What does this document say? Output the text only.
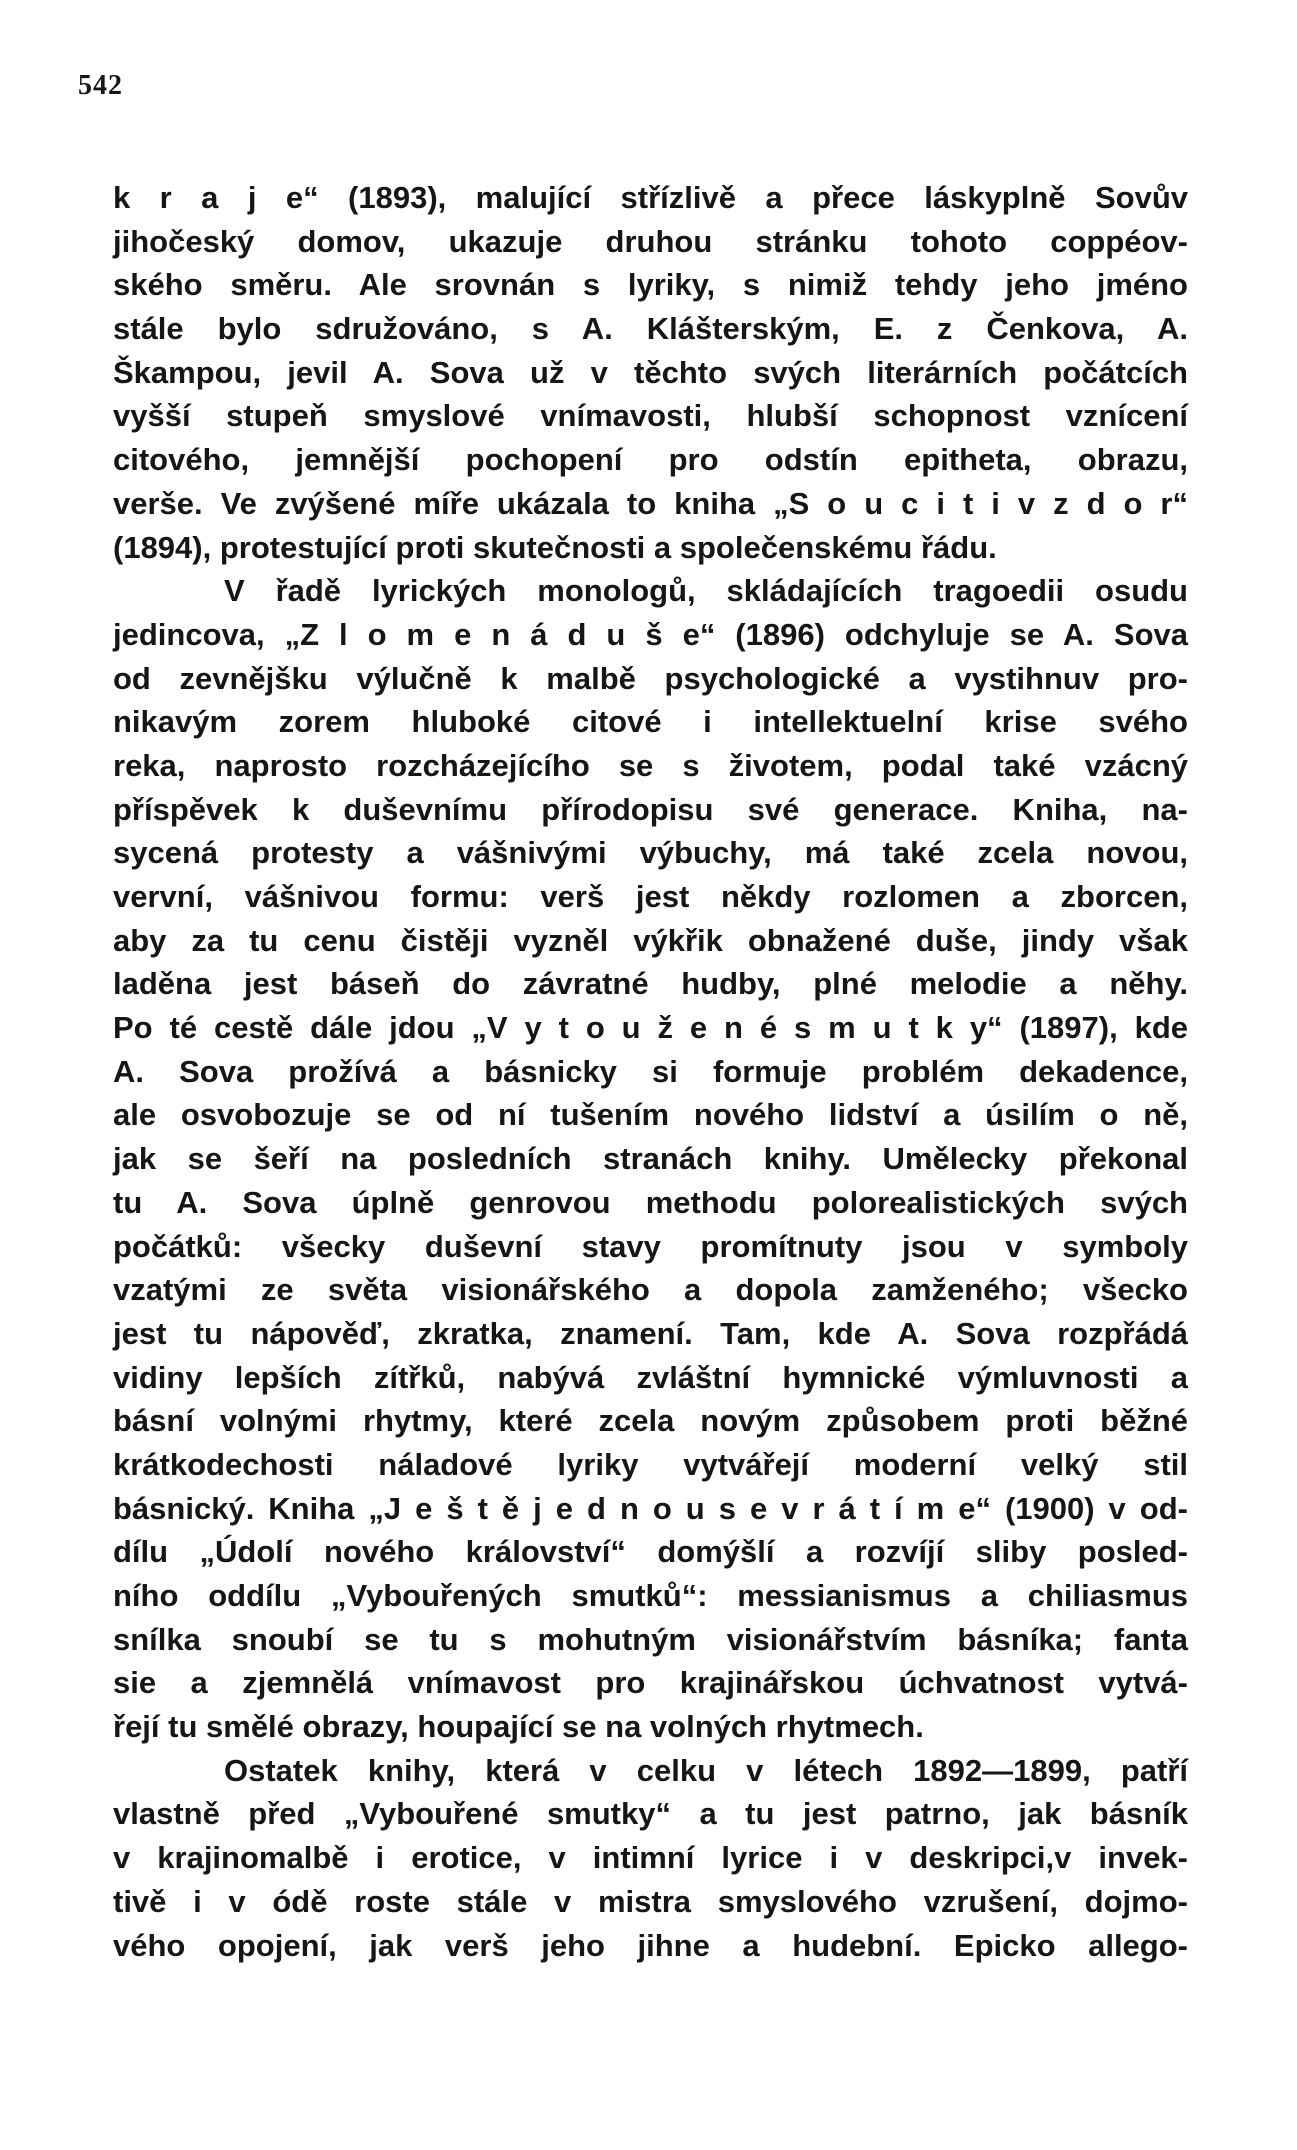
542
k r a j e“ (1893), malující střízlivě a přece láskyplně Sovův
jihočeský domov, ukazuje druhou stránku tohoto coppéov-
ského směru. Ale srovnán s lyriky, s nimiž tehdy jeho jméno
stále bylo sdružováno, s A. Klášterským, E. z Čenkova, A.
Škampou, jevil A. Sova už v těchto svých literárních počátcích
vyšší stupeň smyslové vnímavosti, hlubší schopnost vznícení
citového, jemnější pochopení pro odstín epitheta, obrazu,
verše. Ve zvýšené míře ukázala to kniha „S o u c i t i v z d o r“
(1894), protestující proti skutečnosti a společenskému řádu.
V řadě lyrických monologů, skládajících tragoedii osudu
jedincova, „Z l o m e n á d u š e“ (1896) odchyluje se A. Sova
od zevnějšku výlučně k malbě psychologické a vystihnuv pro-
nikavým zorem hluboké citové i intellektuelní krise svého
reka, naprosto rozcházejícího se s životem, podal také vzácný
příspěvek k duševnímu přírodopisu své generace. Kniha, na-
sycená protesty a vášnivými výbuchy, má také zcela novou,
vervní, vášnivou formu: verš jest někdy rozlomen a zborcen,
aby za tu cenu čistěji vyzněl výkřik obnažené duše, jindy však
laděna jest báseň do závratné hudby, plné melodie a něhy.
Po té cestě dále jdou „V y t o u ž e n é s m u t k y“ (1897), kde
A. Sova prožívá a básnicky si formuje problém dekadence,
ale osvobozuje se od ní tušením nového lidství a úsilím o ně,
jak se šeří na posledních stranách knihy. Umělecky překonal
tu A. Sova úplně genrovou methodu polorealistických svých
počátků: všecky duševní stavy promítnuty jsou v symboly
vzatými ze světa visionářského a dopola zamženého; všecko
jest tu nápověď, zkratka, znamení. Tam, kde A. Sova rozpřádá
vidiny lepších zítřků, nabývá zvláštní hymnické výmluvnosti a
básní volnými rhytmy, které zcela novým způsobem proti běžné
krátkodechosti náladové lyriky vytvářejí moderní velký stil
básnický. Kniha „J e š t ě j e d n o u s e v r á t í m e“ (1900) v od-
dílu „Údolí nového království“ domýšlí a rozvíjí sliby posled-
ního oddílu „Vybouřených smutků“: messianismus a chiliasmus
snílka snoubí se tu s mohutným visionářstvím básníka; fanta
sie a zjemnělá vnímavost pro krajinářskou úchvatnost vytvá-
řejí tu smělé obrazy, houpající se na volných rhytmech.
Ostatek knihy, která v celku v létech 1892—1899, patří
vlastně před „Vybouřené smutky“ a tu jest patrno, jak básník
v krajinomalbě i erotice, v intimní lyrice i v deskripci,v invek-
tivě i v ódě roste stále v mistra smyslového vzrušení, dojmo-
vého opojení, jak verš jeho jihne a hudební. Epicko allego-
